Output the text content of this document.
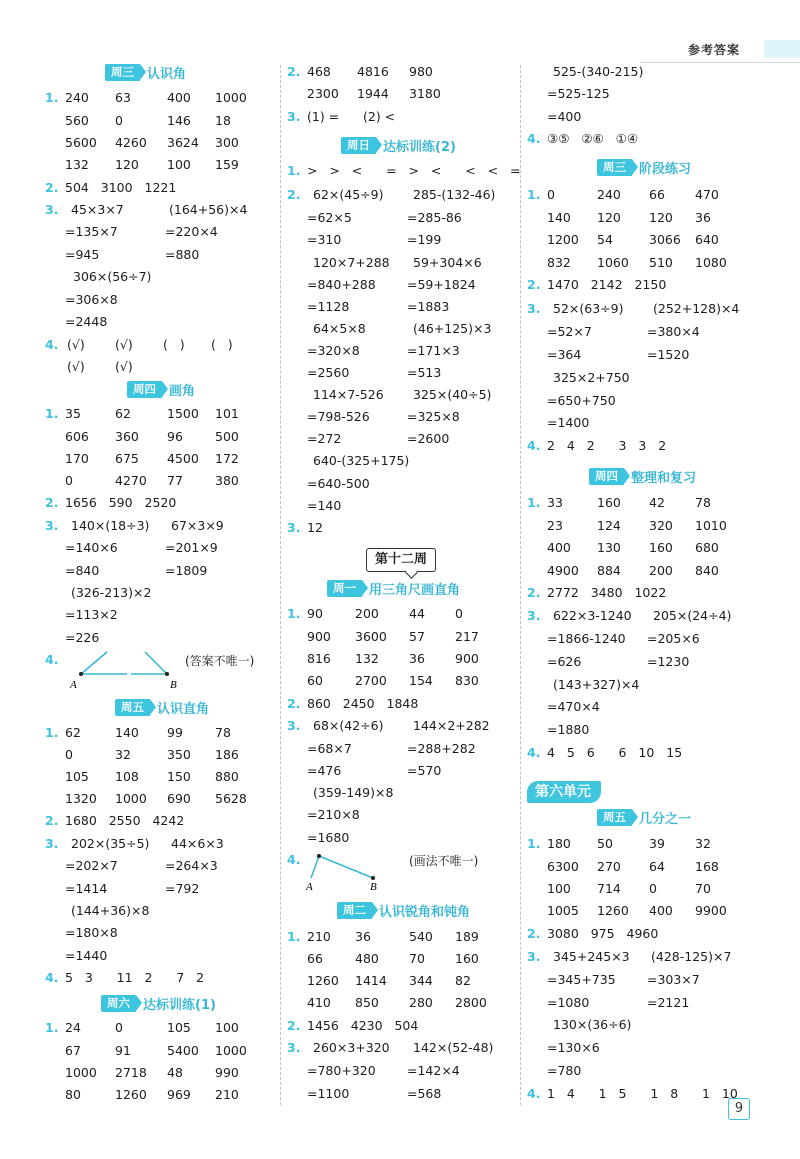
参考答案
周三 认识角
1. 240 63	400 1000
560 0	146 18
5600 4260 3624 300
132 120 100 159
2. 504   3100   1221
3. 45×3×7	(164+56)×4
=135×7	=220×4
=945	=880
306×(56÷7)
=306×8
=2448
4. (√) (√) (   ) (   )
(√) (√)
周四 画角
1. 35	62	1500 101
606 360 96	500
170 675 4500 172
0	4270 77	380
2. 1656   590   2520
3. 140×(18÷3) 67×3×9
=140×6	=201×9
=840	=1809
(326-213)×2
=113×2
=226
4.
A	B
(答案不唯一)
周五 认识直角
1. 62	140 99	78
0	32	350 186
105 108 150 880
1320 1000 690 5628
2. 1680   2550   4242
3. 202×(35÷5) 44×6×3
=202×7	=264×3
=1414	=792
(144+36)×8
=180×8
=1440
4. 5   3      11   2      7   2
周六 达标训练(1)
1. 24	0	105 100
67	91	5400 1000
1000 2718 48	990
80	1260 969 210
2. 468 4816 980
2300 1944 3180
3. (1) =      (2) <
周日 达标训练(2)
1. >   >   <      =   >   <      <   <   =
2. 62×(45÷9) 285-(132-46)
=62×5	=285-86
=310	=199
120×7+288 59+304×6
=840+288	=59+1824
=1128	=1883
64×5×8	(46+125)×3
=320×8	=171×3
=2560	=513
114×7-526 325×(40÷5)
=798-526	=325×8
=272	=2600
640-(325+175)
=640-500
=140
3. 12
第十二周
周一 用三角尺画直角
1. 90	200 44 0
900 3600 57 217
816 132 36 900
60	2700 154 830
2. 860   2450   1848
3. 68×(42÷6) 144×2+282
=68×7	=288+282
=476	=570
(359-149)×8
=210×8
=1680
4.
A	B
(画法不唯一)
周二 认识锐角和钝角
1. 210 36	540 189
66	480 70 160
1260 1414 344 82
410 850 280 2800
2. 1456   4230   504
3. 260×3+320 142×(52-48)
=780+320	=142×4
=1100	=568
525-(340-215)
=525-125
=400
4. ③⑤   ②⑥   ①④
周三 阶段练习
1. 0	240 66 470
140 120 120 36
1200 54	3066 640
832 1060 510 1080
2. 1470   2142   2150
3. 52×(63÷9) (252+128)×4
=52×7	=380×4
=364	=1520
325×2+750
=650+750
=1400
4. 2   4   2      3   3   2
周四 整理和复习
1. 33	160 42 78
23	124 320 1010
400 130 160 680
4900 884 200 840
2. 2772   3480   1022
3. 622×3-1240 205×(24÷4)
=1866-1240 =205×6
=626	=1230
(143+327)×4
=470×4
=1880
4. 4   5   6      6   10   15
第六单元
周五 几分之一
1. 180 50	39 32
6300 270 64 168
100 714 0	70
1005 1260 400 9900
2. 3080   975   4960
3. 345+245×3 (428-125)×7
=345+735	=303×7
=1080	=2121
130×(36÷6)
=130×6
=780
4. 1   4      1   5      1   8      1   10
9
